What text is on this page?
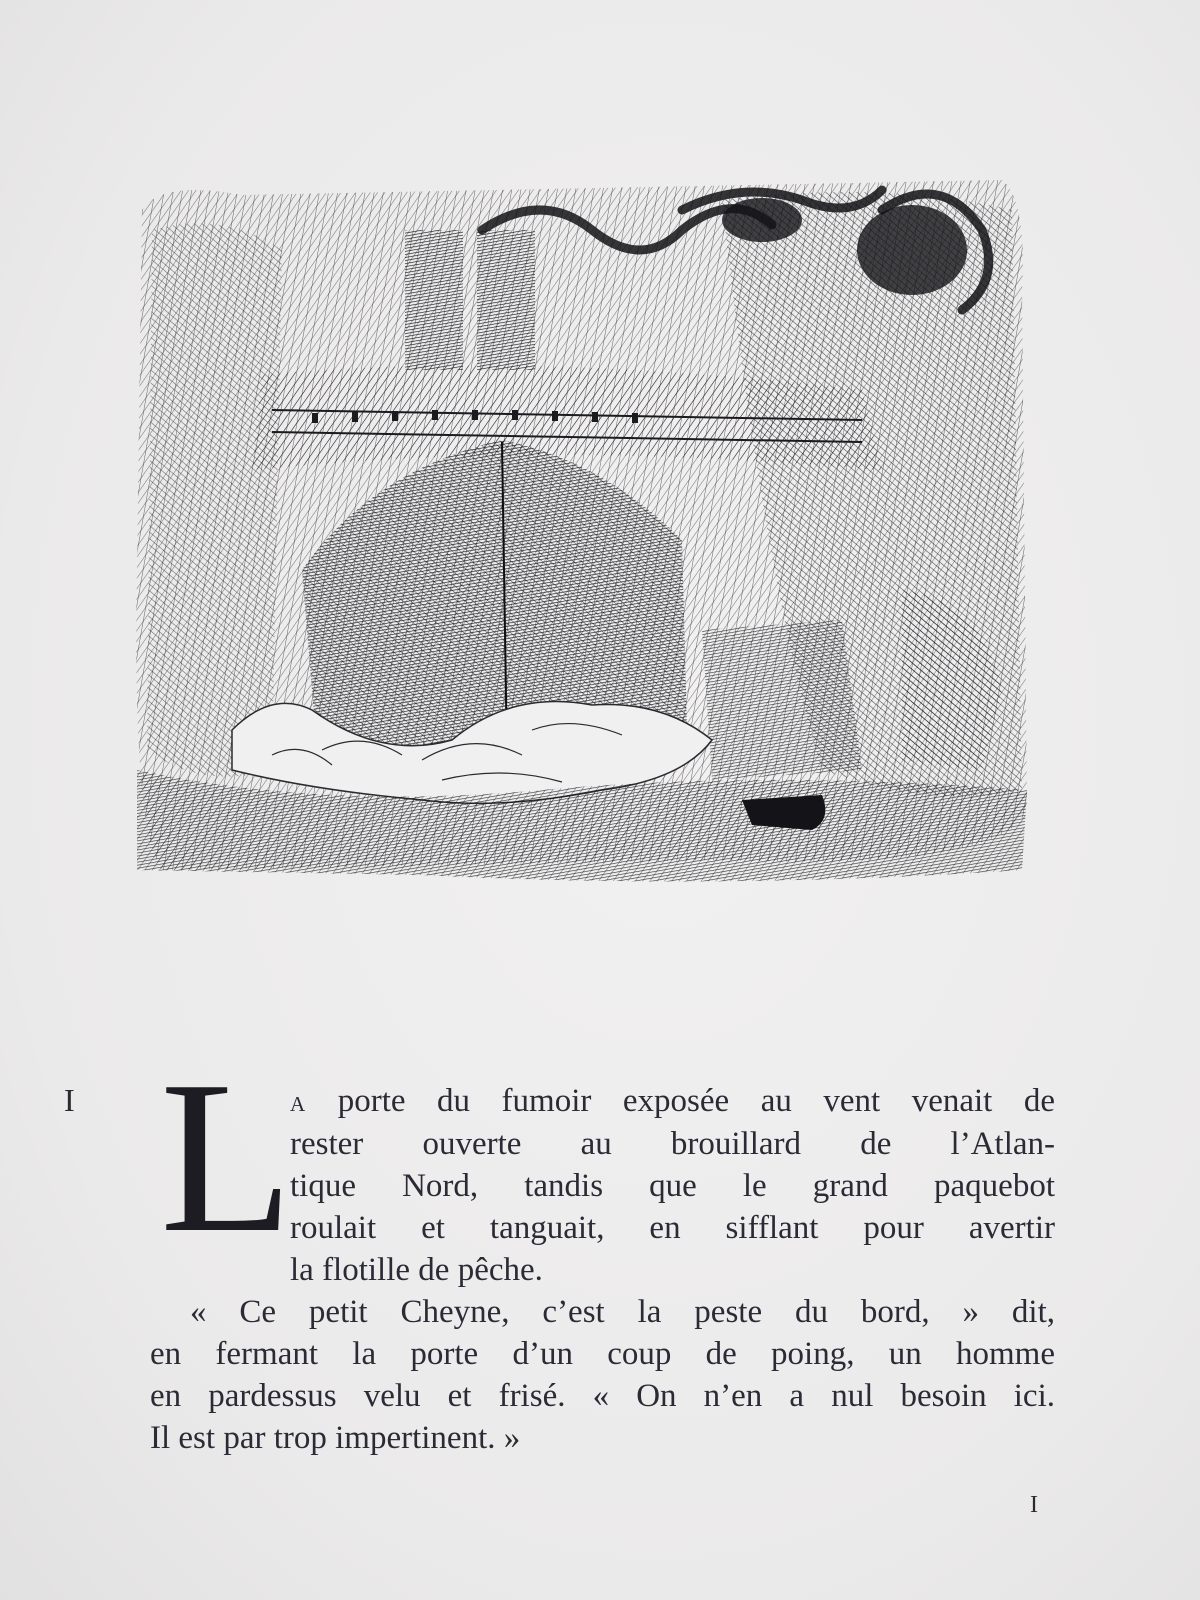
I L
a porte du fumoir exposée au vent venait de
rester ouverte au brouillard de l’Atlan-
tique Nord, tandis que le grand paquebot
roulait et tanguait, en sifflant pour avertir
la flotille de pêche.
« Ce petit Cheyne, c’est la peste du bord, » dit,
en fermant la porte d’un coup de poing, un homme
en pardessus velu et frisé. « On n’en a nul besoin ici.
Il est par trop impertinent. »
I
